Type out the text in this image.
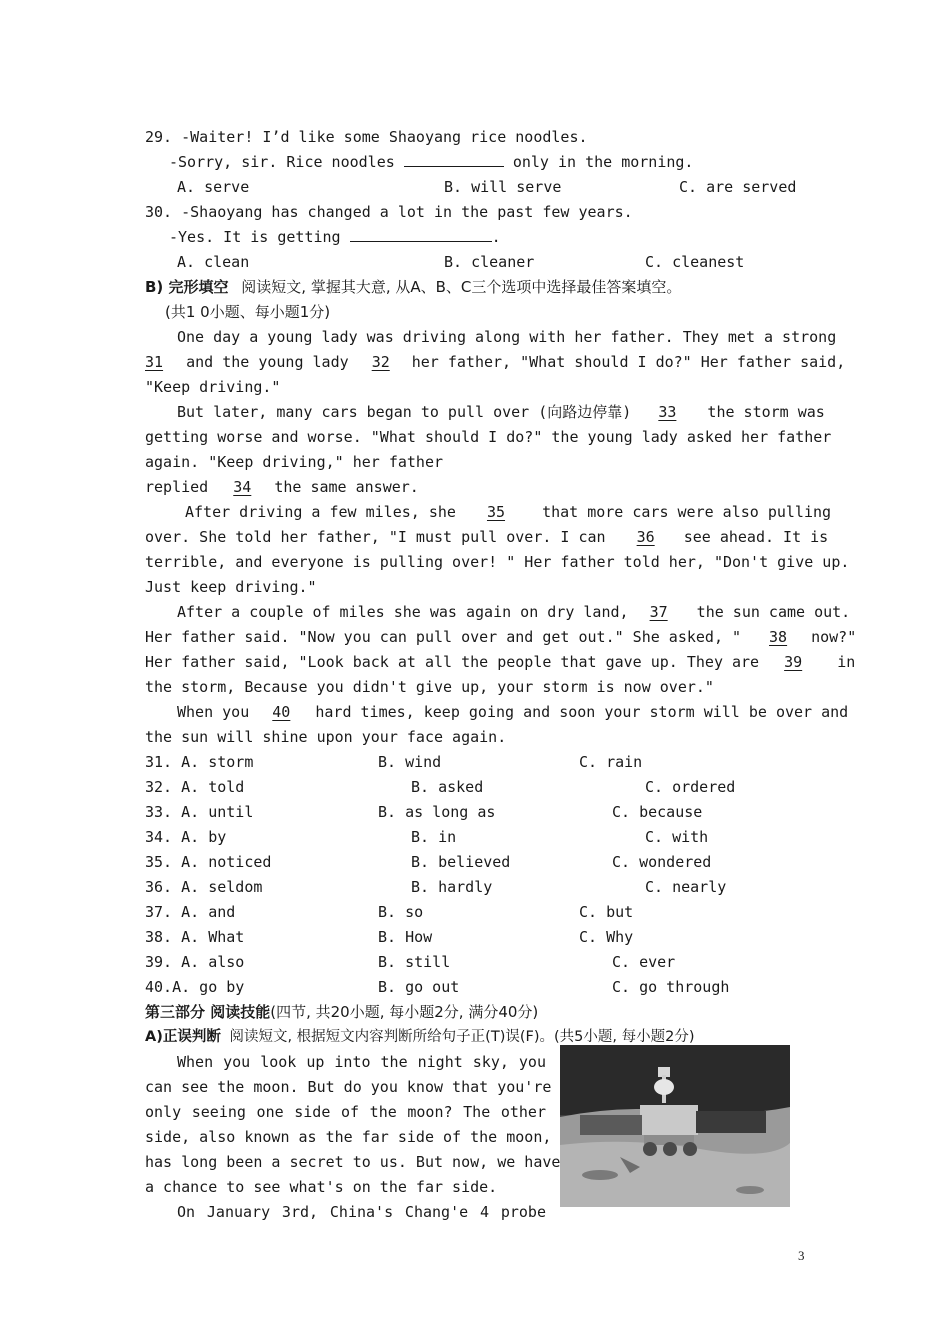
29. -Waiter! I’d like some Shaoyang rice noodles.
-Sorry, sir. Rice noodles	only in the morning.
A. serve	B. will serve	C. are served
30. -Shaoyang has changed a lot in the past few years.
-Yes. It is getting	.
A. clean	B. cleaner	C. cleanest
B) 完形填空 阅读短文, 掌握其大意, 从A、B、C三个选项中选择最佳答案填空。
(共1 0小题、每小题1分)
One day a young lady was driving along with her father. They met a strong
31 and the young lady 32 her father, "What should I do?" Her father said,
"Keep driving."
But later, many cars began to pull over (向路边停靠) 33 the storm was
getting worse and worse. "What should I do?" the young lady asked her father
again. "Keep driving," her father
replied 34 the same answer.
After driving a few miles, she 35 that more cars were also pulling
over. She told her father, "I must pull over. I can 36 see ahead. It is
terrible, and everyone is pulling over! " Her father told her, "Don't give up.
Just keep driving."
After a couple of miles she was again on dry land, 37 the sun came out.
Her father said. "Now you can pull over and get out." She asked, " 38 now?"
Her father said, "Look back at all the people that gave up. They are 39 in
the storm, Because you didn't give up, your storm is now over."
When you 40 hard times, keep going and soon your storm will be over and
the sun will shine upon your face again.
31. A. storm	B. wind	C. rain
32. A. told	B. asked	C. ordered
33. A. until	B. as long as	C. because
34. A. by	B. in	C. with
35. A. noticed	B. believed	C. wondered
36. A. seldom	B. hardly	C. nearly
37. A. and	B. so	C. but
38. A. What	B. How	C. Why
39. A. also	B. still	C. ever
40.A. go by	B. go out	C. go through
第三部分 阅读技能(四节, 共20小题, 每小题2分, 满分40分)
A)正误判断 阅读短文, 根据短文内容判断所给句子正(T)误(F)。(共5小题, 每小题2分)
When you look up into the night sky, you
can see the moon. But do you know that you're
only seeing one side of the moon? The other
side, also known as the far side of the moon,
has long been a secret to us. But now, we have
a chance to see what's on the far side.
On January 3rd, China's Chang'e 4 probe
3
